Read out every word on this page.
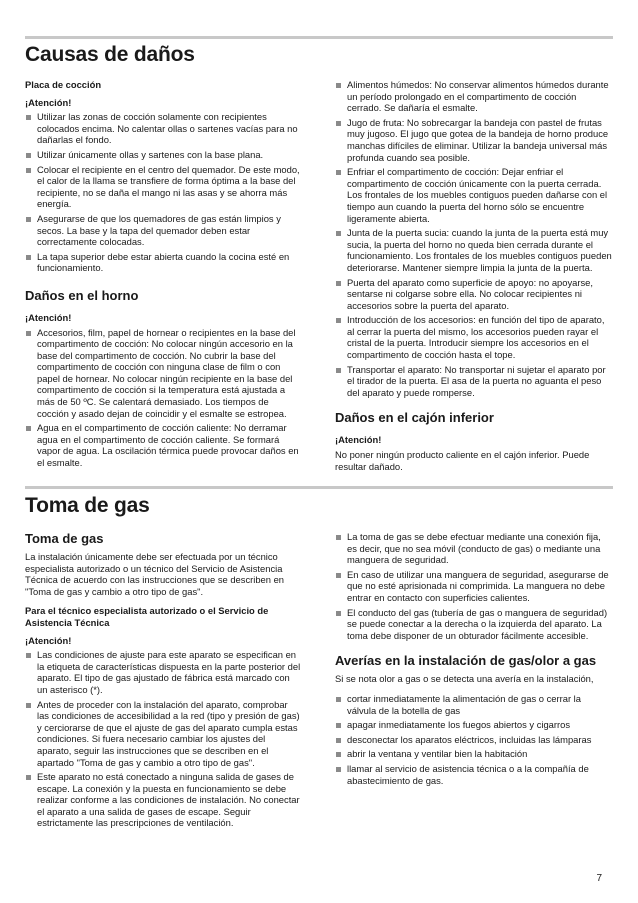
Causas de daños
Placa de cocción
¡Atención!
Utilizar las zonas de cocción solamente con recipientes colocados encima. No calentar ollas o sartenes vacías para no dañarlas el fondo.
Utilizar únicamente ollas y sartenes con la base plana.
Colocar el recipiente en el centro del quemador. De este modo, el calor de la llama se transfiere de forma óptima a la base del recipiente, no se daña el mango ni las asas y se ahorra más energía.
Asegurarse de que los quemadores de gas están limpios y secos. La base y la tapa del quemador deben estar correctamente colocadas.
La tapa superior debe estar abierta cuando la cocina esté en funcionamiento.
Daños en el horno
¡Atención!
Accesorios, film, papel de hornear o recipientes en la base del compartimento de cocción: No colocar ningún accesorio en la base del compartimento de cocción. No cubrir la base del compartimento de cocción con ninguna clase de film o con papel de hornear. No colocar ningún recipiente en la base del compartimento de cocción si la temperatura está ajustada a más de 50 ºC. Se calentará demasiado. Los tiempos de cocción y asado dejan de coincidir y el esmalte se estropea.
Agua en el compartimento de cocción caliente: No derramar agua en el compartimento de cocción caliente. Se formará vapor de agua. La oscilación térmica puede provocar daños en el esmalte.
Alimentos húmedos: No conservar alimentos húmedos durante un período prolongado en el compartimento de cocción cerrado. Se dañaría el esmalte.
Jugo de fruta: No sobrecargar la bandeja con pastel de frutas muy jugoso. El jugo que gotea de la bandeja de horno produce manchas difíciles de eliminar. Utilizar la bandeja universal más profunda cuando sea posible.
Enfriar el compartimento de cocción: Dejar enfriar el compartimento de cocción únicamente con la puerta cerrada. Los frontales de los muebles contiguos pueden dañarse con el tiempo aun cuando la puerta del horno sólo se encuentre ligeramente abierta.
Junta de la puerta sucia: cuando la junta de la puerta está muy sucia, la puerta del horno no queda bien cerrada durante el funcionamiento. Los frontales de los muebles contiguos pueden deteriorarse. Mantener siempre limpia la junta de la puerta.
Puerta del aparato como superficie de apoyo: no apoyarse, sentarse ni colgarse sobre ella. No colocar recipientes ni accesorios sobre la puerta del aparato.
Introducción de los accesorios: en función del tipo de aparato, al cerrar la puerta del mismo, los accesorios pueden rayar el cristal de la puerta. Introducir siempre los accesorios en el compartimento de cocción hasta el tope.
Transportar el aparato: No transportar ni sujetar el aparato por el tirador de la puerta. El asa de la puerta no aguanta el peso del aparato y puede romperse.
Daños en el cajón inferior
¡Atención!
No poner ningún producto caliente en el cajón inferior. Puede resultar dañado.
Toma de gas
Toma de gas
La instalación únicamente debe ser efectuada por un técnico especialista autorizado o un técnico del Servicio de Asistencia Técnica de acuerdo con las instrucciones que se describen en "Toma de gas y cambio a otro tipo de gas".
Para el técnico especialista autorizado o el Servicio de Asistencia Técnica
¡Atención!
Las condiciones de ajuste para este aparato se especifican en la etiqueta de características dispuesta en la parte posterior del aparato. El tipo de gas ajustado de fábrica está marcado con un asterisco (*).
Antes de proceder con la instalación del aparato, comprobar las condiciones de accesibilidad a la red (tipo y presión de gas) y cerciorarse de que el ajuste de gas del aparato cumpla estas condiciones. Si fuera necesario cambiar los ajustes del aparato, seguir las instrucciones que se describen en el apartado "Toma de gas y cambio a otro tipo de gas".
Este aparato no está conectado a ninguna salida de gases de escape. La conexión y la puesta en funcionamiento se debe realizar conforme a las condiciones de instalación. No conectar el aparato a una salida de gases de escape. Seguir estrictamente las prescripciones de ventilación.
La toma de gas se debe efectuar mediante una conexión fija, es decir, que no sea móvil (conducto de gas) o mediante una manguera de seguridad.
En caso de utilizar una manguera de seguridad, asegurarse de que no esté aprisionada ni comprimida. La manguera no debe entrar en contacto con superficies calientes.
El conducto del gas (tubería de gas o manguera de seguridad) se puede conectar a la derecha o la izquierda del aparato. La toma debe disponer de un obturador fácilmente accesible.
Averías en la instalación de gas/olor a gas
Si se nota olor a gas o se detecta una avería en la instalación,
cortar inmediatamente la alimentación de gas o cerrar la válvula de la botella de gas
apagar inmediatamente los fuegos abiertos y cigarros
desconectar los aparatos eléctricos, incluidas las lámparas
abrir la ventana y ventilar bien la habitación
llamar al servicio de asistencia técnica o a la compañía de abastecimiento de gas.
7
